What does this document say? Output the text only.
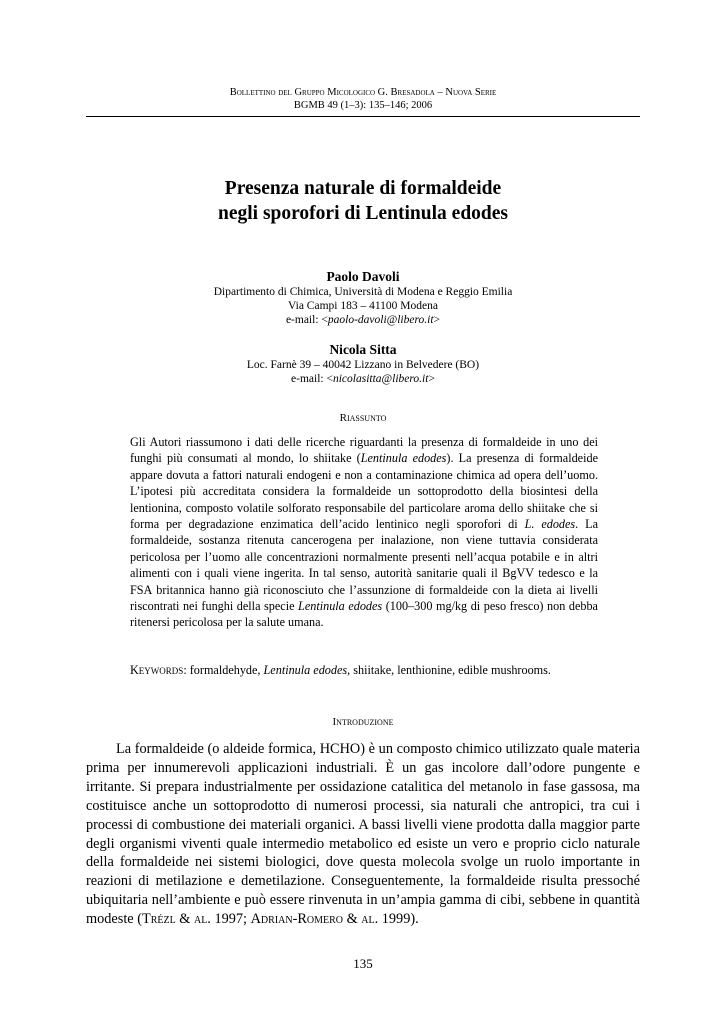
Bollettino del Gruppo Micologico G. Bresadola – Nuova Serie
BGMB 49 (1–3): 135–146; 2006
Presenza naturale di formaldeide
negli sporofori di Lentinula edodes
Paolo Davoli
Dipartimento di Chimica, Università di Modena e Reggio Emilia
Via Campi 183 – 41100 Modena
e-mail: <paolo-davoli@libero.it>
Nicola Sitta
Loc. Farnè 39 – 40042 Lizzano in Belvedere (BO)
e-mail: <nicolasitta@libero.it>
Riassunto

Gli Autori riassumono i dati delle ricerche riguardanti la presenza di formaldeide in uno dei funghi più consumati al mondo, lo shiitake (Lentinula edodes). La presenza di formaldeide appare dovuta a fattori naturali endogeni e non a contaminazione chimica ad opera dell’uomo. L’ipotesi più accreditata considera la formaldeide un sottoprodotto della biosintesi della lentionina, composto volatile solforato responsabile del particolare aroma dello shiitake che si forma per degradazione enzimatica dell’acido lentinico negli sporofori di L. edodes. La formaldeide, sostanza ritenuta cancerogena per inalazione, non viene tuttavia considerata pericolosa per l’uomo alle concentrazioni normalmente presenti nell’acqua potabile e in altri alimenti con i quali viene ingerita. In tal senso, autorità sanitarie quali il BgVV tedesco e la FSA britannica hanno già riconosciuto che l’assunzione di formaldeide con la dieta ai livelli riscontrati nei funghi della specie Lentinula edodes (100–300 mg/kg di peso fresco) non debba ritenersi pericolosa per la salute umana.

Keywords: formaldehyde, Lentinula edodes, shiitake, lenthionine, edible mushrooms.
Introduzione

La formaldeide (o aldeide formica, HCHO) è un composto chimico utilizzato quale materia prima per innumerevoli applicazioni industriali. È un gas incolore dall’odore pungente e irritante. Si prepara industrialmente per ossidazione catalitica del metanolo in fase gassosa, ma costituisce anche un sottoprodotto di numerosi processi, sia naturali che antropici, tra cui i processi di combustione dei materiali organici. A bassi livelli viene prodotta dalla maggior parte degli organismi viventi quale intermedio metabolico ed esiste un vero e proprio ciclo naturale della formaldeide nei sistemi biologici, dove questa molecola svolge un ruolo importante in reazioni di metilazione e demetilazione. Conseguentemente, la formaldeide risulta pressoché ubiquitaria nell’ambiente e può essere rinvenuta in un’ampia gamma di cibi, sebbene in quantità modeste (Trézl & al. 1997; Adrian-Romero & al. 1999).

135
